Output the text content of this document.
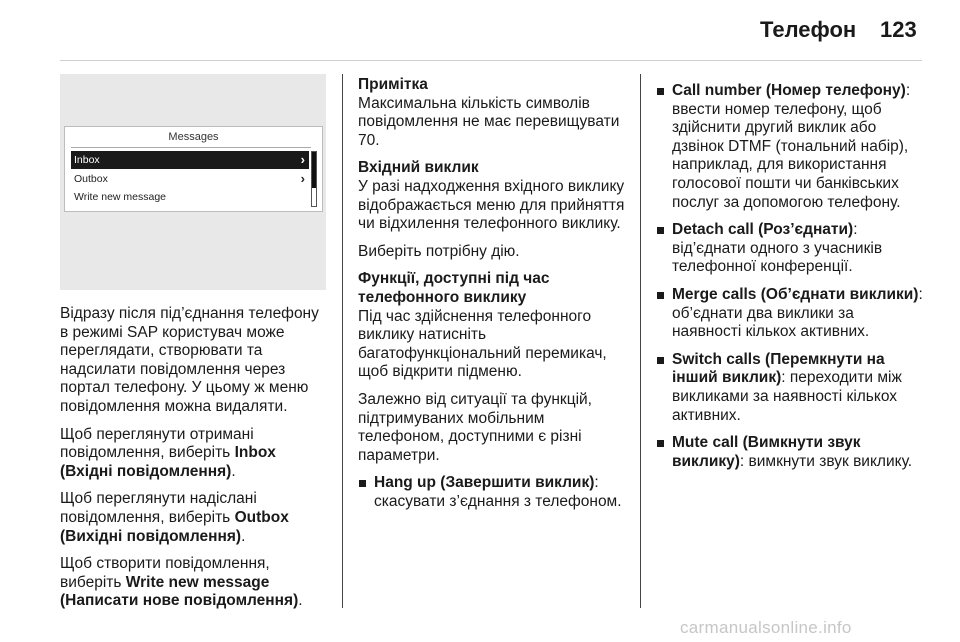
Телефон 123
Messages
Inbox	›
Outbox	›
Write new message

Відразу після під’єднання телефону в режимі SAP користувач може переглядати, створювати та надсилати повідомлення через портал телефону. У цьому ж меню повідомлення можна видаляти.

Щоб переглянути отримані повідомлення, виберіть Inbox (Вхідні повідомлення).

Щоб переглянути надіслані повідомлення, виберіть Outbox (Вихідні повідомлення).

Щоб створити повідомлення, виберіть Write new message (Написати нове повідомлення).

Примітка

Максимальна кількість символів повідомлення не має перевищувати 70.

Вхідний виклик

У разі надходження вхідного виклику відображається меню для прийняття чи відхилення телефонного виклику.

Виберіть потрібну дію.

Функції, доступні під час телефонного виклику

Під час здійснення телефонного виклику натисніть багатофункціональний перемикач, щоб відкрити підменю.

Залежно від ситуації та функцій, підтримуваних мобільним телефоном, доступними є різні параметри.

Hang up (Завершити виклик): скасувати з’єднання з телефоном.

Call number (Номер телефону): ввести номер телефону, щоб здійснити другий виклик або дзвінок DTMF (тональний набір), наприклад, для використання голосової пошти чи банківських послуг за допомогою телефону.

Detach call (Роз’єднати): від’єднати одного з учасників телефонної конференції.

Merge calls (Об’єднати виклики): об’єднати два виклики за наявності кількох активних.

Switch calls (Перемкнути на інший виклик): переходити між викликами за наявності кількох активних.

Mute call (Вимкнути звук виклику): вимкнути звук виклику.

carmanualsonline.info
